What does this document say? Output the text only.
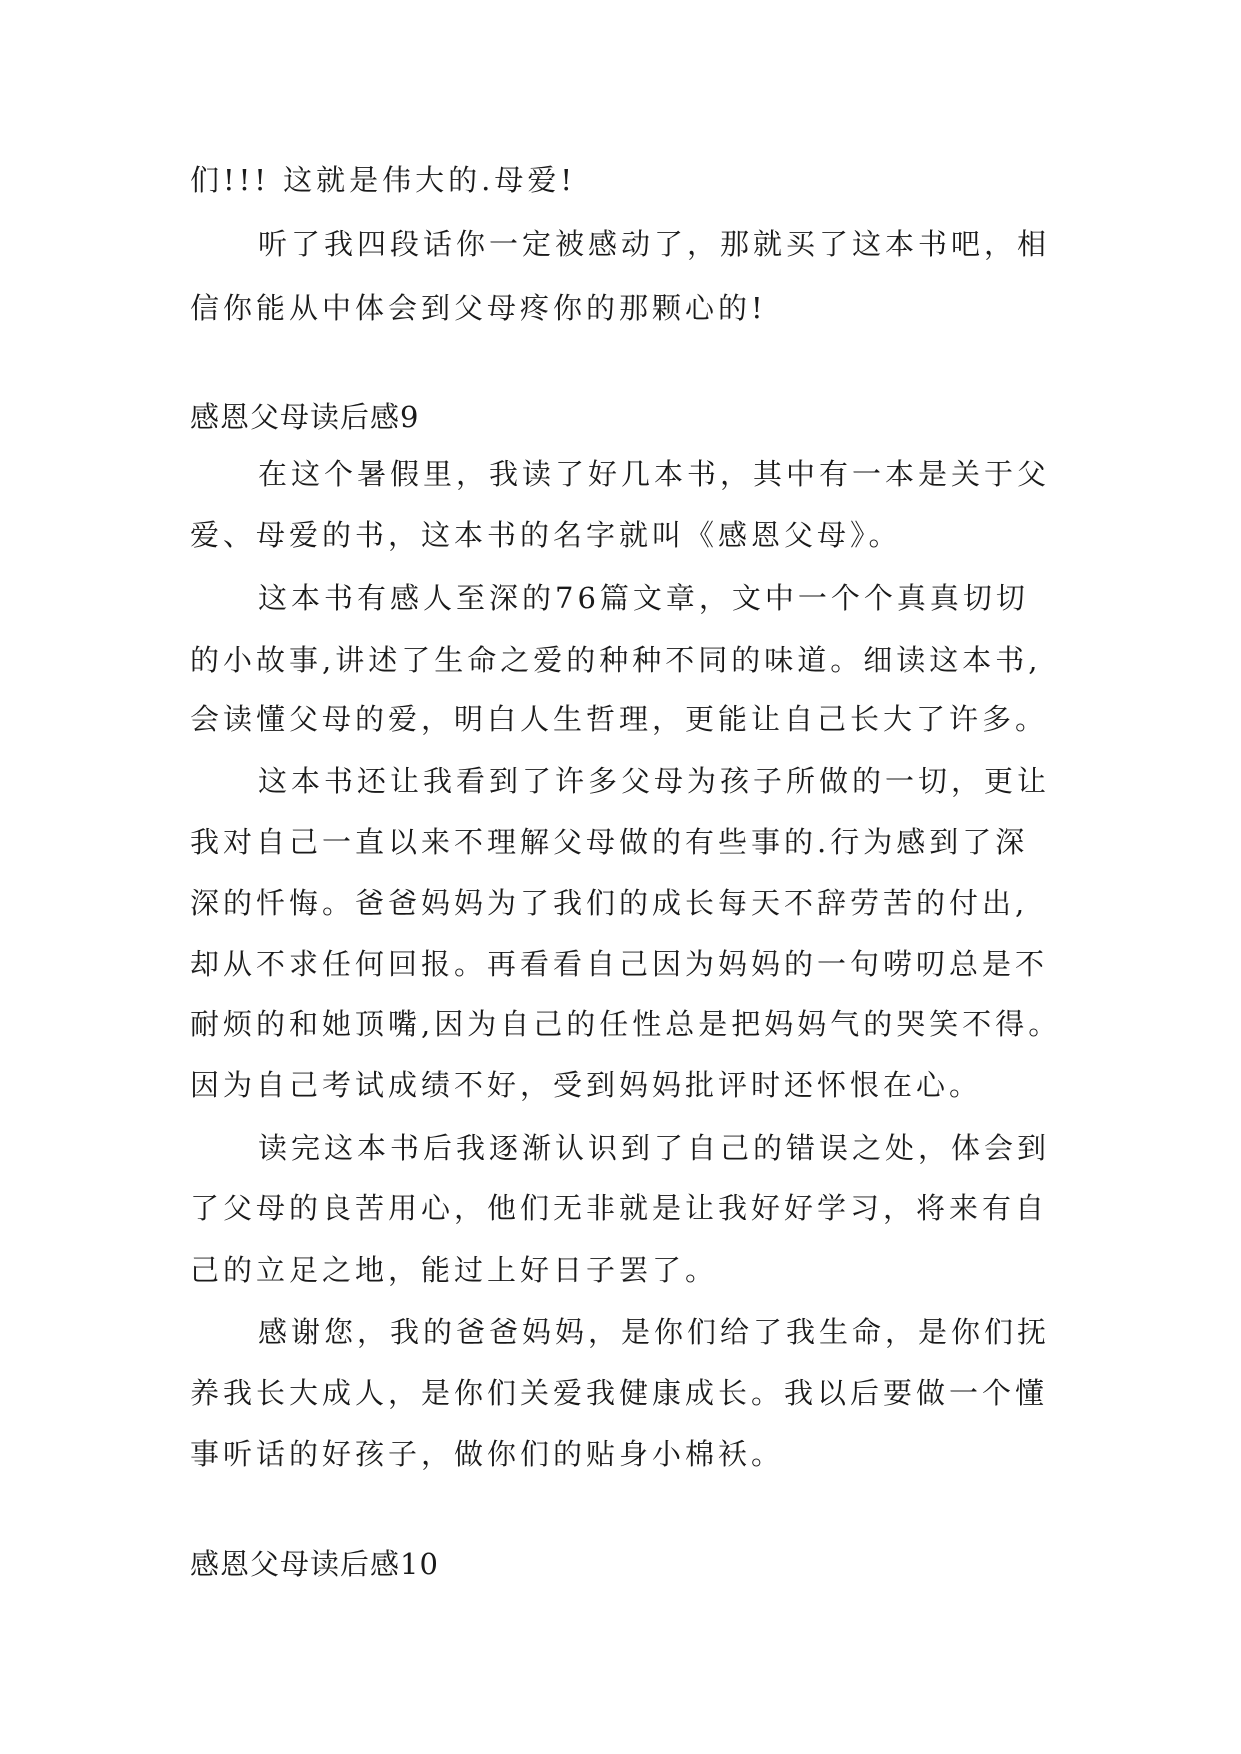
们!!! 这就是伟大的.母爱!
听了我四段话你一定被感动了，那就买了这本书吧，相
信你能从中体会到父母疼你的那颗心的!
感恩父母读后感9
在这个暑假里，我读了好几本书，其中有一本是关于父
爱、母爱的书，这本书的名字就叫《感恩父母》。
这本书有感人至深的76篇文章，文中一个个真真切切
的小故事,讲述了生命之爱的种种不同的味道。细读这本书,
会读懂父母的爱，明白人生哲理，更能让自己长大了许多。
这本书还让我看到了许多父母为孩子所做的一切，更让
我对自己一直以来不理解父母做的有些事的.行为感到了深
深的忏悔。爸爸妈妈为了我们的成长每天不辞劳苦的付出,
却从不求任何回报。再看看自己因为妈妈的一句唠叨总是不
耐烦的和她顶嘴,因为自己的任性总是把妈妈气的哭笑不得。
因为自己考试成绩不好，受到妈妈批评时还怀恨在心。
读完这本书后我逐渐认识到了自己的错误之处，体会到
了父母的良苦用心，他们无非就是让我好好学习，将来有自
己的立足之地，能过上好日子罢了。
感谢您，我的爸爸妈妈，是你们给了我生命，是你们抚
养我长大成人，是你们关爱我健康成长。我以后要做一个懂
事听话的好孩子，做你们的贴身小棉袄。
感恩父母读后感10
